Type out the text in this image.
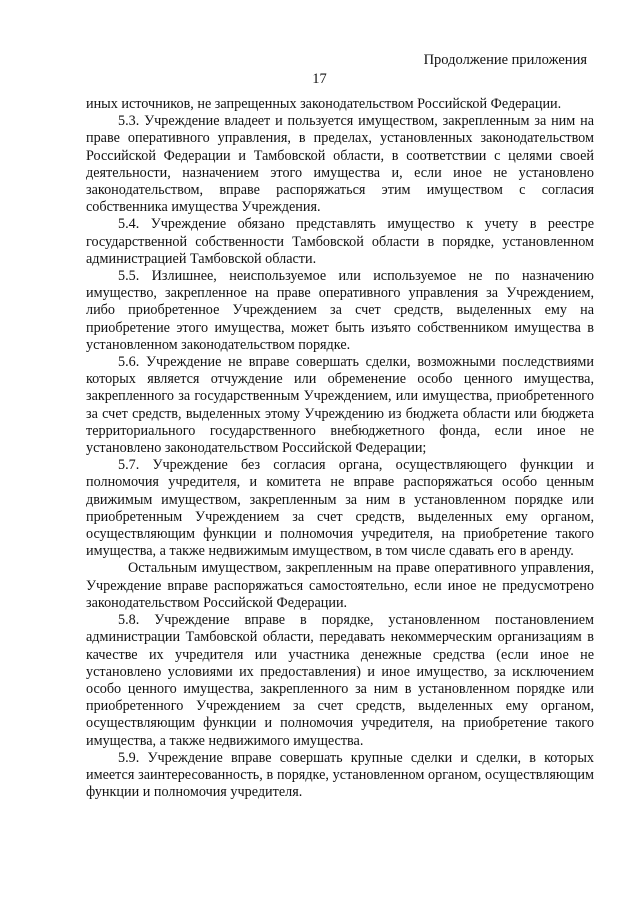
Продолжение приложения
17

иных источников, не запрещенных законодательством Российской Федерации.

5.3. Учреждение владеет и пользуется имуществом, закрепленным за ним на праве оперативного управления, в пределах, установленных законодательством Российской Федерации и Тамбовской области, в соответствии с целями своей деятельности, назначением этого имущества и, если иное не установлено законодательством, вправе распоряжаться этим имуществом с согласия собственника имущества Учреждения.

5.4. Учреждение обязано представлять имущество к учету в реестре государственной собственности Тамбовской области в порядке, установленном администрацией Тамбовской области.

5.5. Излишнее, неиспользуемое или используемое не по назначению имущество, закрепленное на праве оперативного управления за Учреждением, либо приобретенное Учреждением за счет средств, выделенных ему на приобретение этого имущества, может быть изъято собственником имущества в установленном законодательством порядке.

5.6. Учреждение не вправе совершать сделки, возможными последствиями которых является отчуждение или обременение особо ценного имущества, закрепленного за государственным Учреждением, или имущества, приобретенного за счет средств, выделенных этому Учреждению из бюджета области или бюджета территориального государственного внебюджетного фонда, если иное не установлено законодательством Российской Федерации;

5.7. Учреждение без согласия органа, осуществляющего функции и полномочия учредителя, и комитета не вправе распоряжаться особо ценным движимым имуществом, закрепленным за ним в установленном порядке или приобретенным Учреждением за счет средств, выделенных ему органом, осуществляющим функции и полномочия учредителя, на приобретение такого имущества, а также недвижимым имуществом, в том числе сдавать его в аренду.

Остальным имуществом, закрепленным на праве оперативного управления, Учреждение вправе распоряжаться самостоятельно, если иное не предусмотрено законодательством Российской Федерации.

5.8. Учреждение вправе в порядке, установленном постановлением администрации Тамбовской области, передавать некоммерческим организациям в качестве их учредителя или участника денежные средства (если иное не установлено условиями их предоставления) и иное имущество, за исключением особо ценного имущества, закрепленного за ним в установленном порядке или приобретенного Учреждением за счет средств, выделенных ему органом, осуществляющим функции и полномочия учредителя, на приобретение такого имущества, а также недвижимого имущества.

5.9. Учреждение вправе совершать крупные сделки и сделки, в которых имеется заинтересованность, в порядке, установленном органом, осуществляющим функции и полномочия учредителя.
